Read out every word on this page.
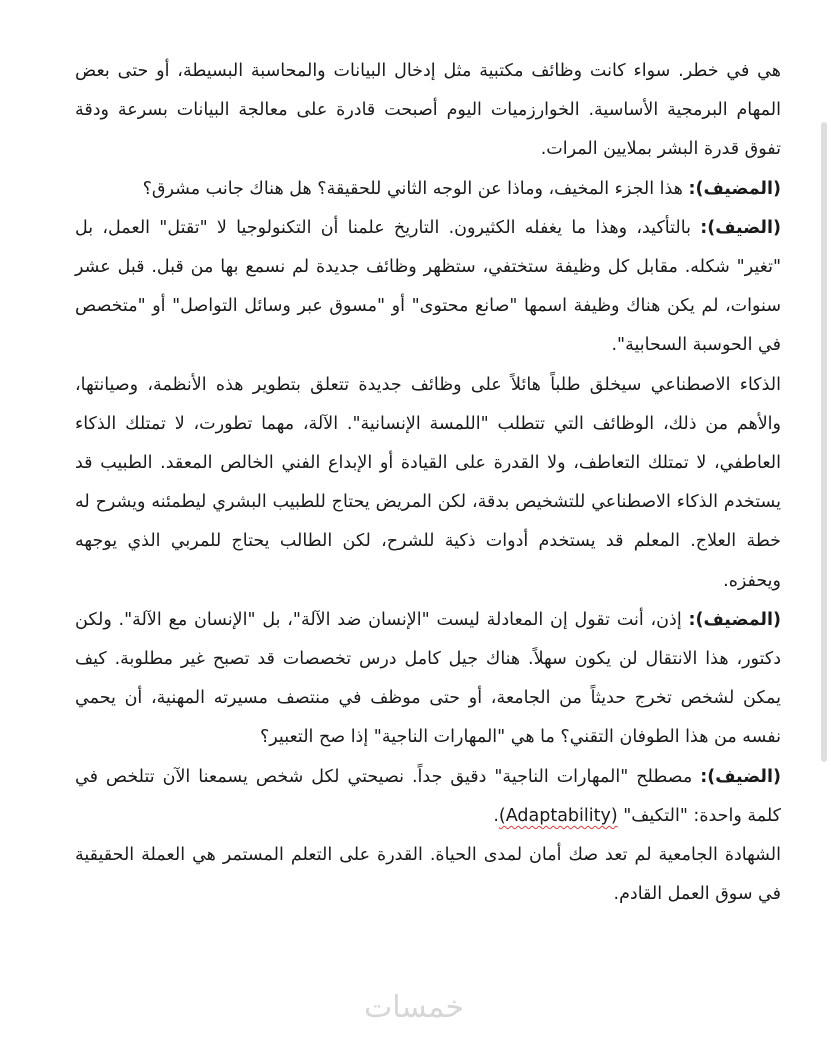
هي في خطر. سواء كانت وظائف مكتبية مثل إدخال البيانات والمحاسبة البسيطة، أو حتى بعض المهام البرمجية الأساسية. الخوارزميات اليوم أصبحت قادرة على معالجة البيانات بسرعة ودقة تفوق قدرة البشر بملايين المرات.

(المضيف): هذا الجزء المخيف، وماذا عن الوجه الثاني للحقيقة؟ هل هناك جانب مشرق؟

(الضيف): بالتأكيد، وهذا ما يغفله الكثيرون. التاريخ علمنا أن التكنولوجيا لا "تقتل" العمل، بل "تغير" شكله. مقابل كل وظيفة ستختفي، ستظهر وظائف جديدة لم نسمع بها من قبل. قبل عشر سنوات، لم يكن هناك وظيفة اسمها "صانع محتوى" أو "مسوق عبر وسائل التواصل" أو "متخصص في الحوسبة السحابية".

الذكاء الاصطناعي سيخلق طلباً هائلاً على وظائف جديدة تتعلق بتطوير هذه الأنظمة، وصيانتها، والأهم من ذلك، الوظائف التي تتطلب "اللمسة الإنسانية". الآلة، مهما تطورت، لا تمتلك الذكاء العاطفي، لا تمتلك التعاطف، ولا القدرة على القيادة أو الإبداع الفني الخالص المعقد. الطبيب قد يستخدم الذكاء الاصطناعي للتشخيص بدقة، لكن المريض يحتاج للطبيب البشري ليطمئنه ويشرح له خطة العلاج. المعلم قد يستخدم أدوات ذكية للشرح، لكن الطالب يحتاج للمربي الذي يوجهه ويحفزه.

(المضيف): إذن، أنت تقول إن المعادلة ليست "الإنسان ضد الآلة"، بل "الإنسان مع الآلة". ولكن دكتور، هذا الانتقال لن يكون سهلاً. هناك جيل كامل درس تخصصات قد تصبح غير مطلوبة. كيف يمكن لشخص تخرج حديثاً من الجامعة، أو حتى موظف في منتصف مسيرته المهنية، أن يحمي نفسه من هذا الطوفان التقني؟ ما هي "المهارات الناجية" إذا صح التعبير؟

(الضيف): مصطلح "المهارات الناجية" دقيق جداً. نصيحتي لكل شخص يسمعنا الآن تتلخص في كلمة واحدة: "التكيف" (Adaptability).

الشهادة الجامعية لم تعد صك أمان لمدى الحياة. القدرة على التعلم المستمر هي العملة الحقيقية في سوق العمل القادم.

خمسات
